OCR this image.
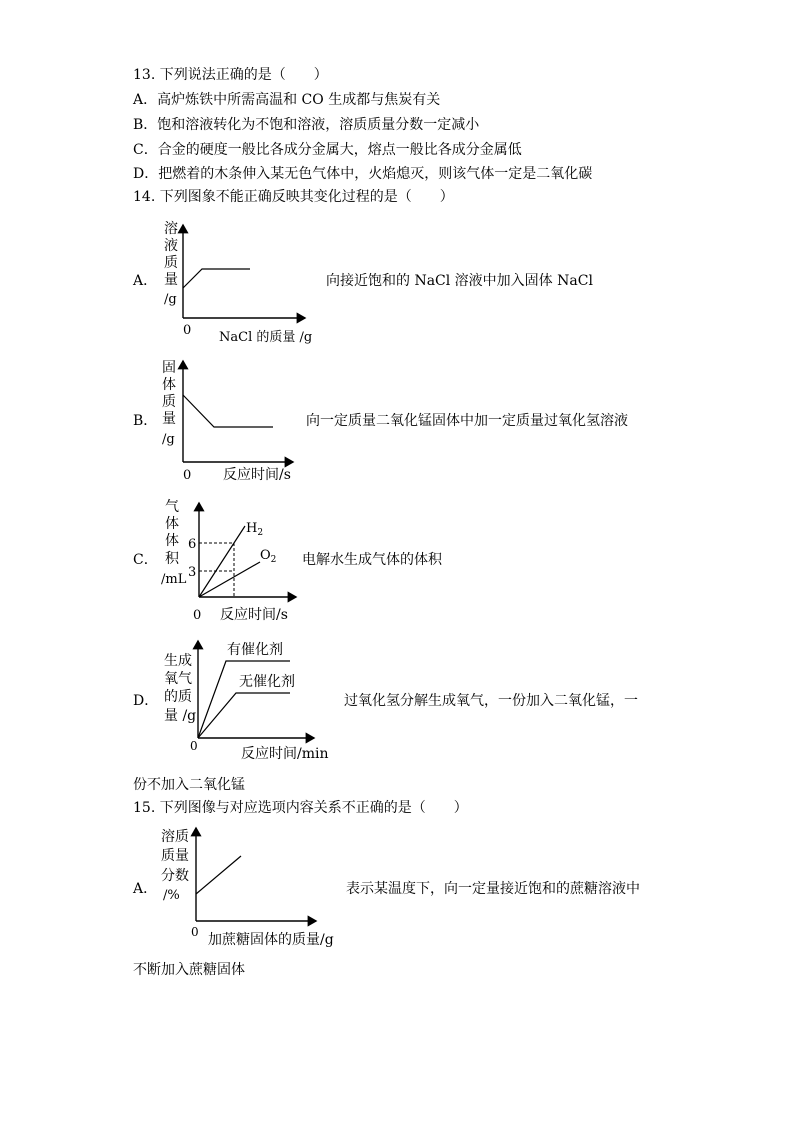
13. 下列说法正确的是（　　）
A．高炉炼铁中所需高温和 CO 生成都与焦炭有关
B．饱和溶液转化为不饱和溶液，溶质质量分数一定减小
C．合金的硬度一般比各成分金属大，熔点一般比各成分金属低
D．把燃着的木条伸入某无色气体中，火焰熄灭，则该气体一定是二氧化碳
14. 下列图象不能正确反映其变化过程的是（　　）
A．
溶
液
质
量
/g
0 NaCl 的质量 /g
向接近饱和的 NaCl 溶液中加入固体 NaCl
B．
固
体
质
量
/g
0 反应时间/s
向一定质量二氧化锰固体中加一定质量过氧化氢溶液
C．
气
体
体
积
/mL
6
3
$H_2$
$O_2$
0 反应时间/s
电解水生成气体的体积
D．
生成
氧气
的质
量 /g
有催化剂
无催化剂
0	反应时间/min
过氧化氢分解生成氧气，一份加入二氧化锰，一
份不加入二氧化锰
15. 下列图像与对应选项内容关系不正确的是（　　）
A．
溶质
质量
分数
/%
0 加蔗糖固体的质量/g
表示某温度下，向一定量接近饱和的蔗糖溶液中
不断加入蔗糖固体
